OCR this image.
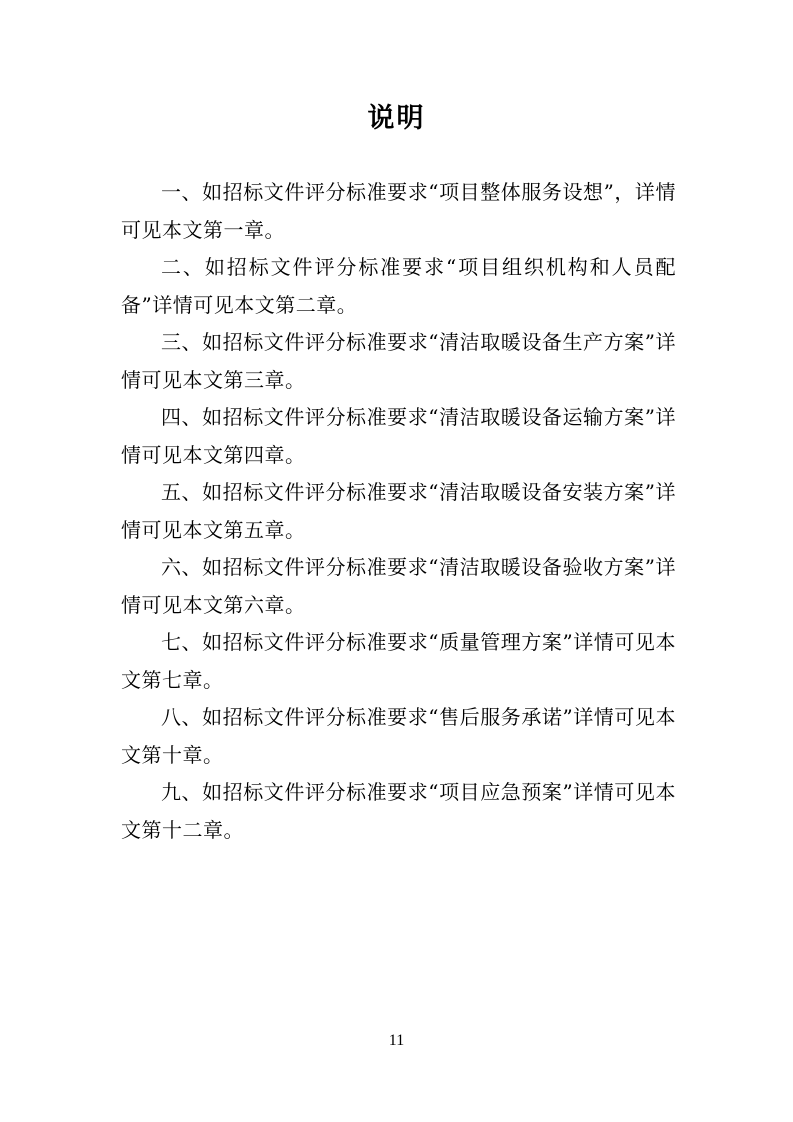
说明

一、如招标文件评分标准要求“项目整体服务设想”，详情可见本文第一章。

二、如招标文件评分标准要求“项目组织机构和人员配备”详情可见本文第二章。

三、如招标文件评分标准要求“清洁取暖设备生产方案”详情可见本文第三章。

四、如招标文件评分标准要求“清洁取暖设备运输方案”详情可见本文第四章。

五、如招标文件评分标准要求“清洁取暖设备安装方案”详情可见本文第五章。

六、如招标文件评分标准要求“清洁取暖设备验收方案”详情可见本文第六章。

七、如招标文件评分标准要求“质量管理方案”详情可见本文第七章。

八、如招标文件评分标准要求“售后服务承诺”详情可见本文第十章。

九、如招标文件评分标准要求“项目应急预案”详情可见本文第十二章。

11
